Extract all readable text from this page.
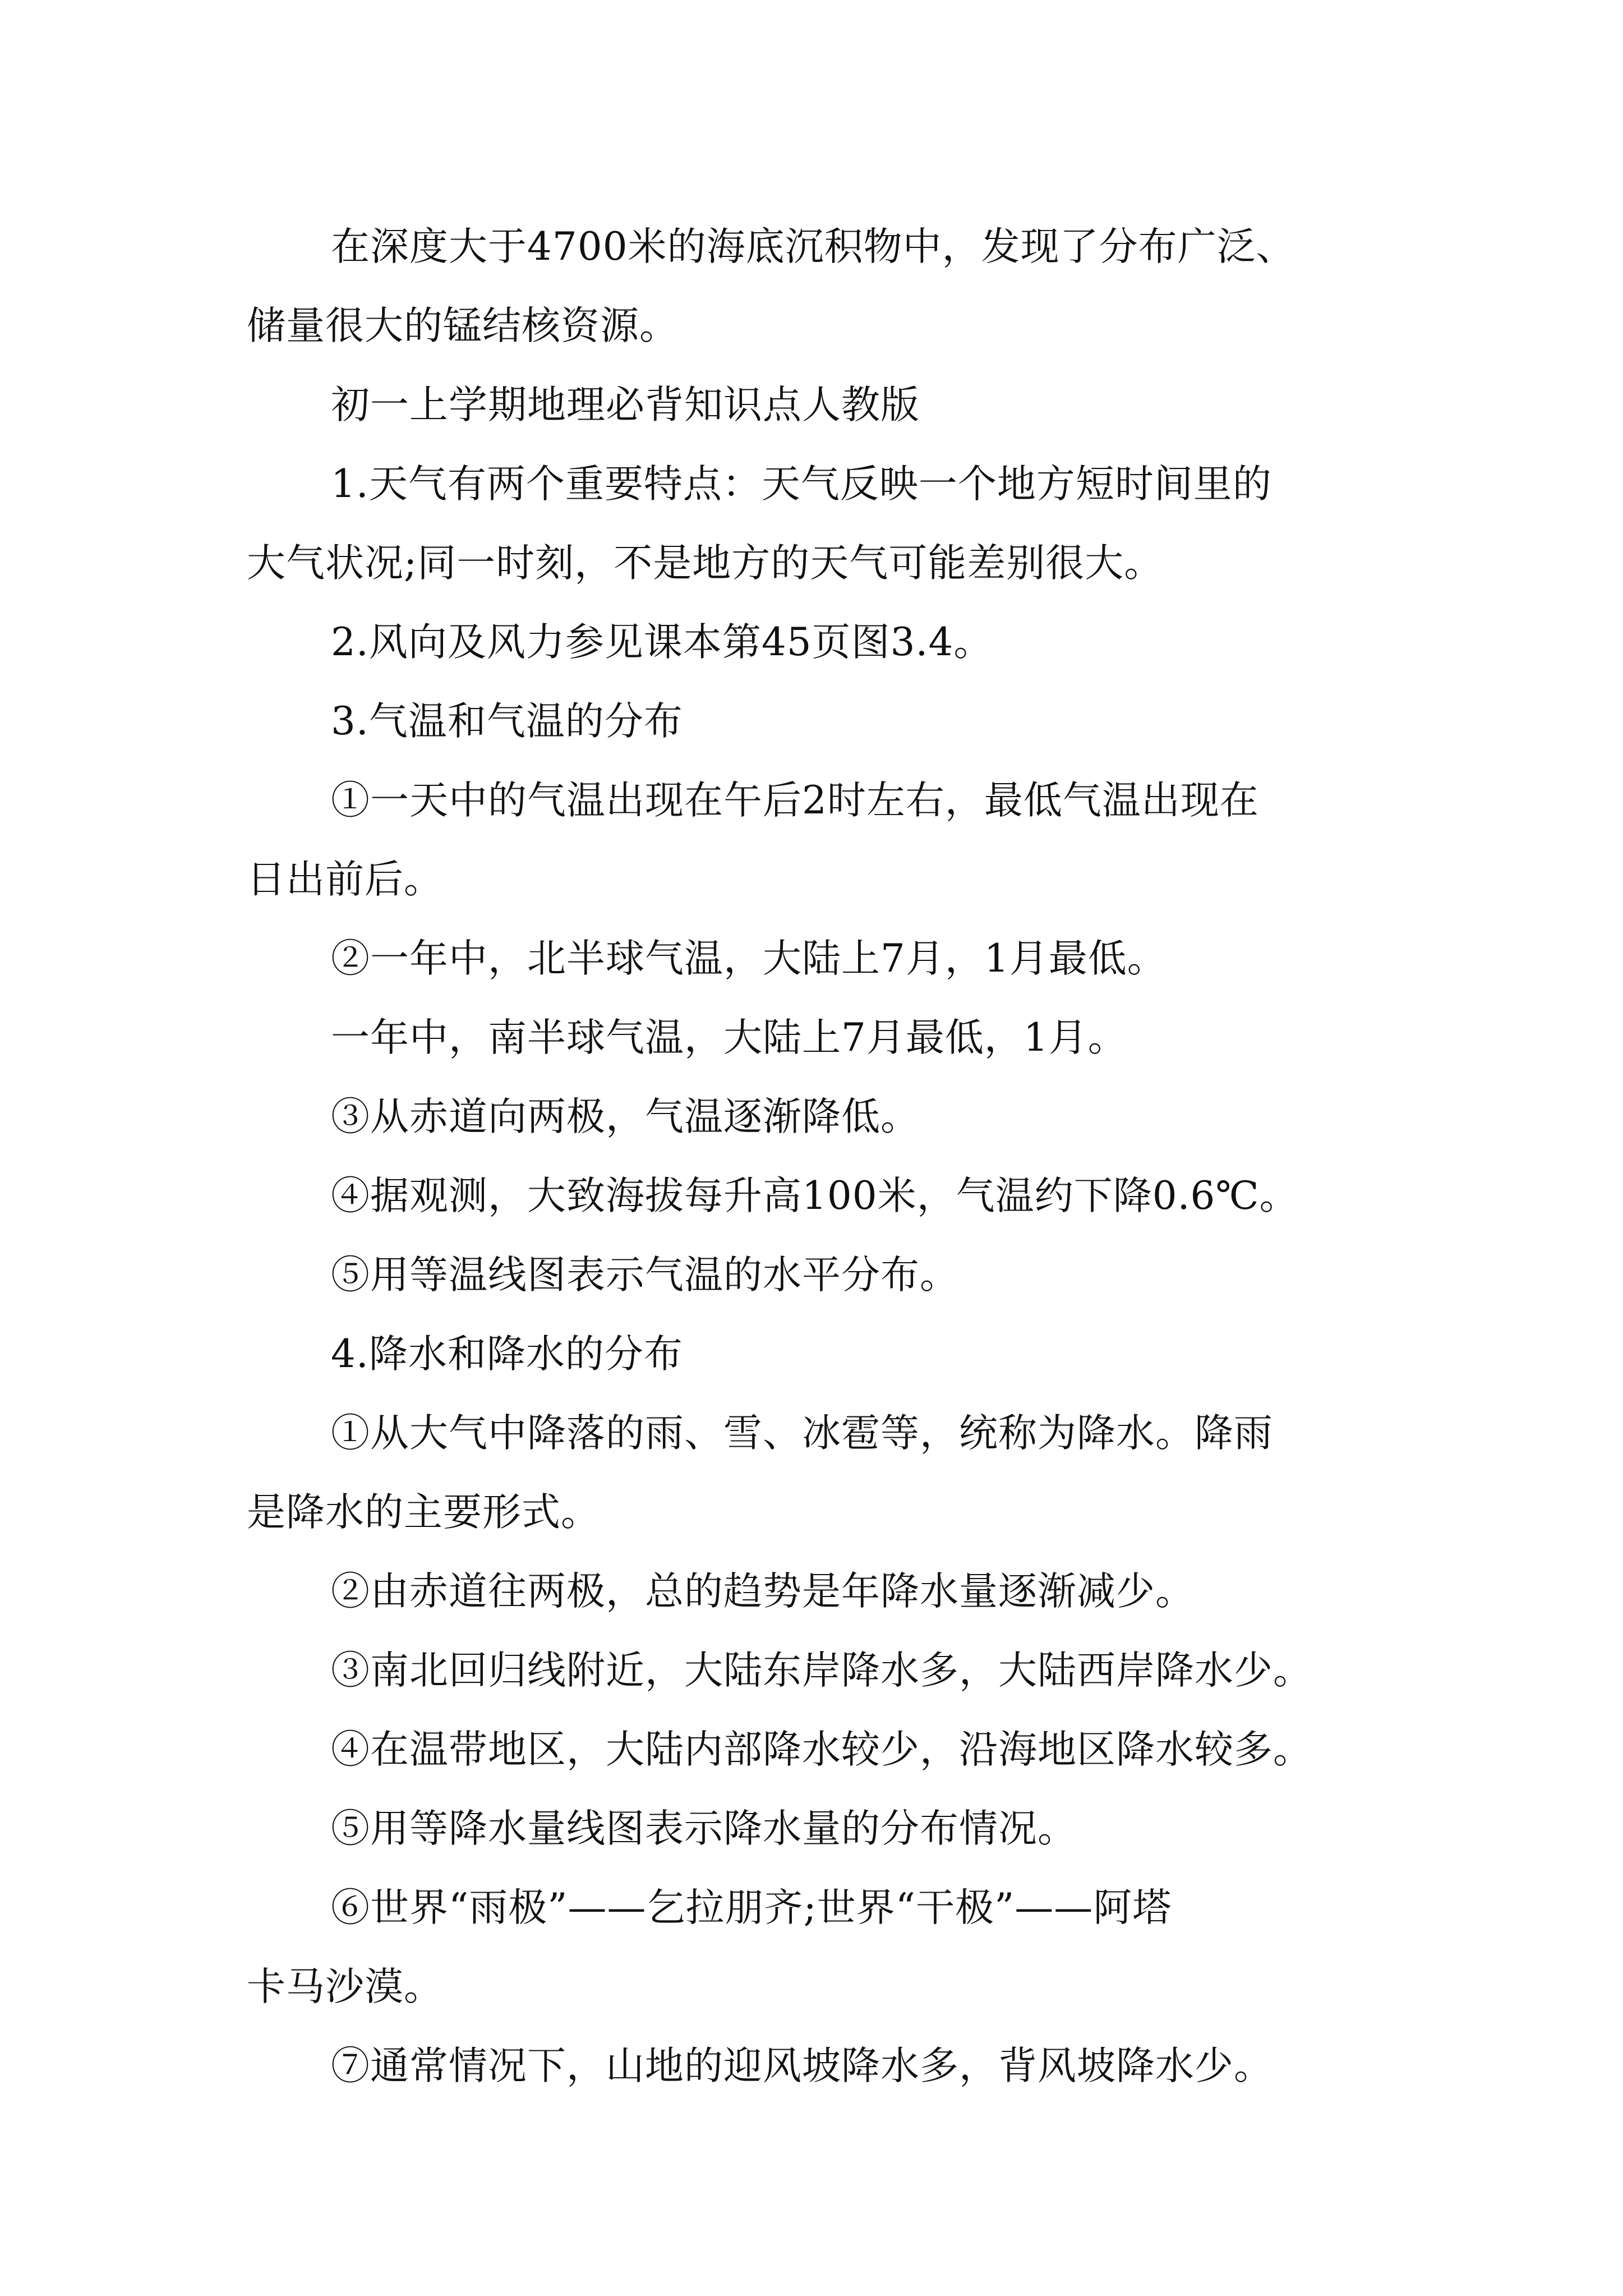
在深度大于4700米的海底沉积物中，发现了分布广泛、
储量很大的锰结核资源。

初一上学期地理必背知识点人教版

1.天气有两个重要特点：天气反映一个地方短时间里的
大气状况;同一时刻，不是地方的天气可能差别很大。

2.风向及风力参见课本第45页图3.4。

3.气温和气温的分布

①一天中的气温出现在午后2时左右，最低气温出现在
日出前后。

②一年中，北半球气温，大陆上7月，1月最低。

一年中，南半球气温，大陆上7月最低，1月。

③从赤道向两极，气温逐渐降低。

④据观测，大致海拔每升高100米，气温约下降0.6℃。

⑤用等温线图表示气温的水平分布。

4.降水和降水的分布

①从大气中降落的雨、雪、冰雹等，统称为降水。降雨
是降水的主要形式。

②由赤道往两极，总的趋势是年降水量逐渐减少。

③南北回归线附近，大陆东岸降水多，大陆西岸降水少。

④在温带地区，大陆内部降水较少，沿海地区降水较多。

⑤用等降水量线图表示降水量的分布情况。

⑥世界“雨极”——乞拉朋齐;世界“干极”——阿塔
卡马沙漠。

⑦通常情况下，山地的迎风坡降水多，背风坡降水少。
